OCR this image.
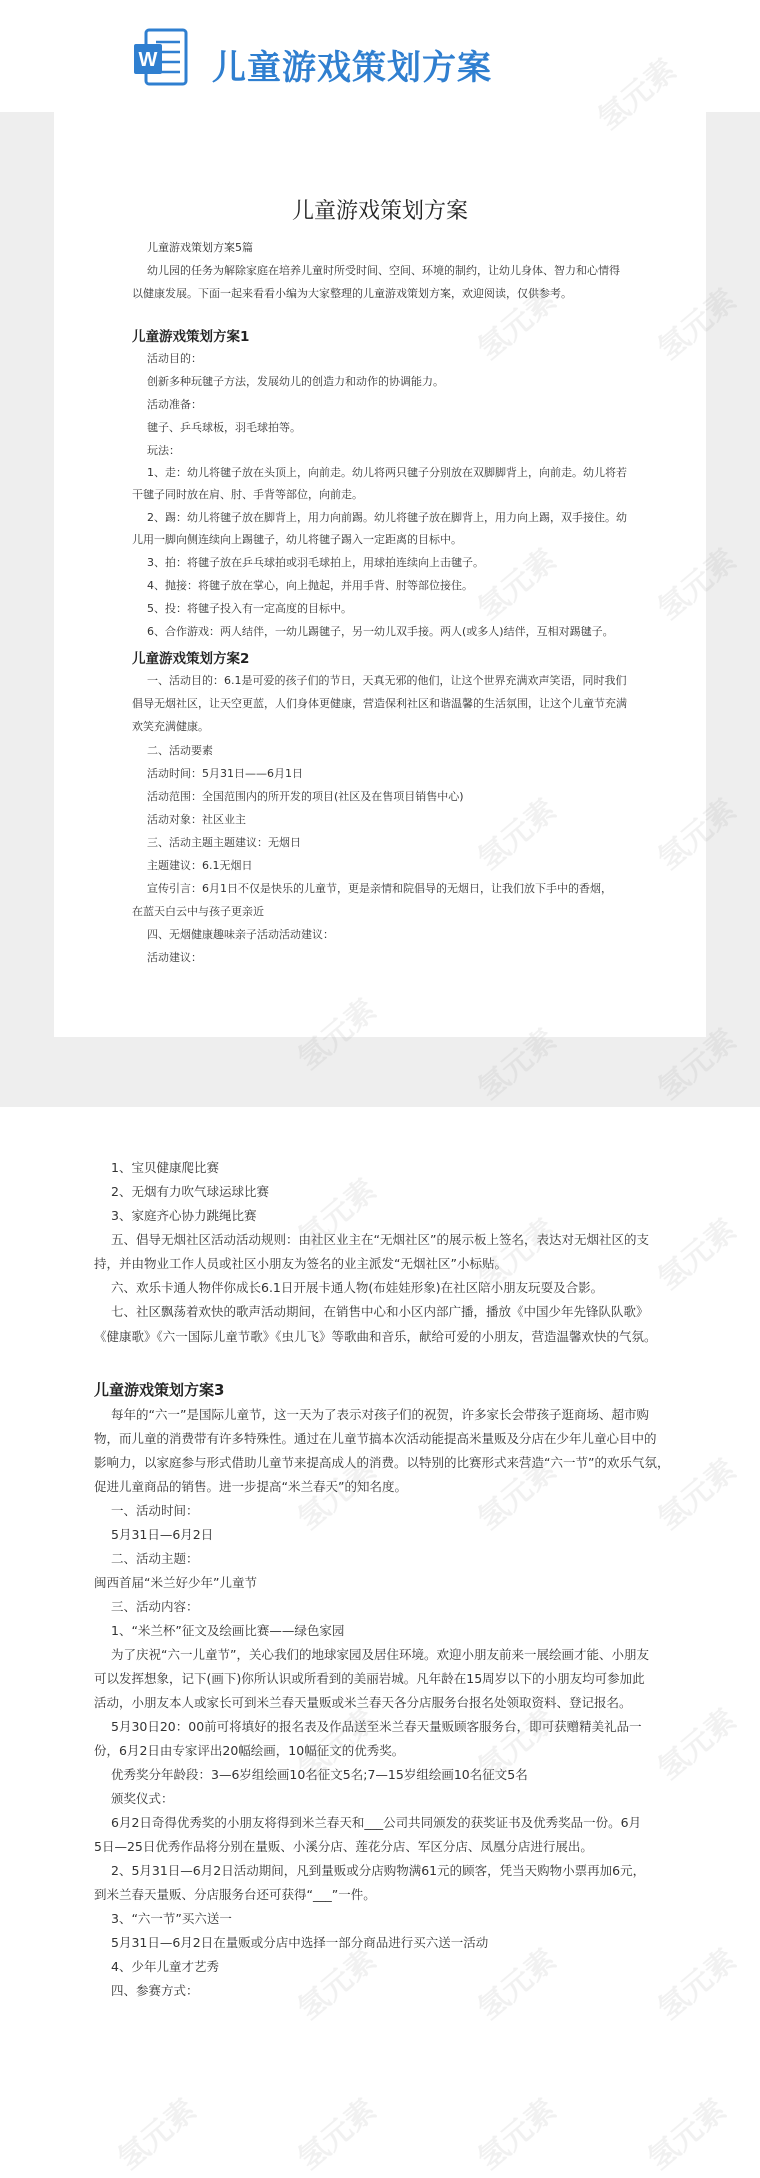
W 儿童游戏策划方案
儿童游戏策划方案
儿童游戏策划方案5篇
幼儿园的任务为解除家庭在培养儿童时所受时间、空间、环境的制约，让幼儿身体、智力和心情得
以健康发展。下面一起来看看小编为大家整理的儿童游戏策划方案，欢迎阅读，仅供参考。
儿童游戏策划方案1
活动目的：
创新多种玩毽子方法，发展幼儿的创造力和动作的协调能力。
活动准备：
毽子、乒乓球板，羽毛球拍等。
玩法：
1、走：幼儿将毽子放在头顶上，向前走。幼儿将两只毽子分别放在双脚脚背上，向前走。幼儿将若
干毽子同时放在肩、肘、手背等部位，向前走。
2、踢：幼儿将毽子放在脚背上，用力向前踢。幼儿将毽子放在脚背上，用力向上踢，双手接住。幼
儿用一脚向侧连续向上踢毽子，幼儿将毽子踢入一定距离的目标中。
3、拍：将毽子放在乒乓球拍或羽毛球拍上，用球拍连续向上击毽子。
4、抛接：将毽子放在掌心，向上抛起，并用手背、肘等部位接住。
5、投：将毽子投入有一定高度的目标中。
6、合作游戏：两人结伴，一幼儿踢毽子，另一幼儿双手接。两人(或多人)结伴，互相对踢毽子。
儿童游戏策划方案2
一、活动目的：6.1是可爱的孩子们的节日，天真无邪的他们，让这个世界充满欢声笑语，同时我们
倡导无烟社区，让天空更蓝，人们身体更健康，营造保利社区和谐温馨的生活氛围，让这个儿童节充满
欢笑充满健康。
二、活动要素
活动时间：5月31日——6月1日
活动范围：全国范围内的所开发的项目(社区及在售项目销售中心)
活动对象：社区业主
三、活动主题主题建议：无烟日
主题建议：6.1无烟日
宣传引言：6月1日不仅是快乐的儿童节，更是亲情和院倡导的无烟日，让我们放下手中的香烟，
在蓝天白云中与孩子更亲近
四、无烟健康趣味亲子活动活动建议：
活动建议：
1、宝贝健康爬比赛
2、无烟有力吹气球运球比赛
3、家庭齐心协力跳绳比赛
五、倡导无烟社区活动活动规则：由社区业主在“无烟社区”的展示板上签名，表达对无烟社区的支
持，并由物业工作人员或社区小朋友为签名的业主派发“无烟社区”小标贴。
六、欢乐卡通人物伴你成长6.1日开展卡通人物(布娃娃形象)在社区陪小朋友玩耍及合影。
七、社区飘荡着欢快的歌声活动期间，在销售中心和小区内部广播，播放《中国少年先锋队队歌》
《健康歌》《六一国际儿童节歌》《虫儿飞》等歌曲和音乐，献给可爱的小朋友，营造温馨欢快的气氛。
儿童游戏策划方案3
每年的“六一”是国际儿童节，这一天为了表示对孩子们的祝贺，许多家长会带孩子逛商场、超市购
物，而儿童的消费带有许多特殊性。通过在儿童节搞本次活动能提高米量贩及分店在少年儿童心目中的
影响力，以家庭参与形式借助儿童节来提高成人的消费。以特别的比赛形式来营造“六一节”的欢乐气氛，
促进儿童商品的销售。进一步提高“米兰春天”的知名度。
一、活动时间：
5月31日—6月2日
二、活动主题：
闽西首届“米兰好少年”儿童节
三、活动内容：
1、“米兰杯”征文及绘画比赛——绿色家园
为了庆祝“六一儿童节”，关心我们的地球家园及居住环境。欢迎小朋友前来一展绘画才能、小朋友
可以发挥想象，记下(画下)你所认识或所看到的美丽岩城。凡年龄在15周岁以下的小朋友均可参加此
活动，小朋友本人或家长可到米兰春天量贩或米兰春天各分店服务台报名处领取资料、登记报名。
5月30日20：00前可将填好的报名表及作品送至米兰春天量贩顾客服务台，即可获赠精美礼品一
份，6月2日由专家评出20幅绘画，10幅征文的优秀奖。
优秀奖分年龄段：3—6岁组绘画10名征文5名;7—15岁组绘画10名征文5名
颁奖仪式：
6月2日奇得优秀奖的小朋友将得到米兰春天和___公司共同颁发的获奖证书及优秀奖品一份。6月
5日—25日优秀作品将分别在量贩、小溪分店、莲花分店、军区分店、凤凰分店进行展出。
2、5月31日—6月2日活动期间，凡到量贩或分店购物满61元的顾客，凭当天购物小票再加6元，
到米兰春天量贩、分店服务台还可获得“___”一件。
3、“六一节”买六送一
5月31日—6月2日在量贩或分店中选择一部分商品进行买六送一活动
4、少年儿童才艺秀
四、参赛方式：
氢元素	氢元素	氢元素
氢元素	氢元素	氢元素
氢元素	氢元素	氢元素
氢元素	氢元素	氢元素
氢元素	氢元素	氢元素	氢元素
